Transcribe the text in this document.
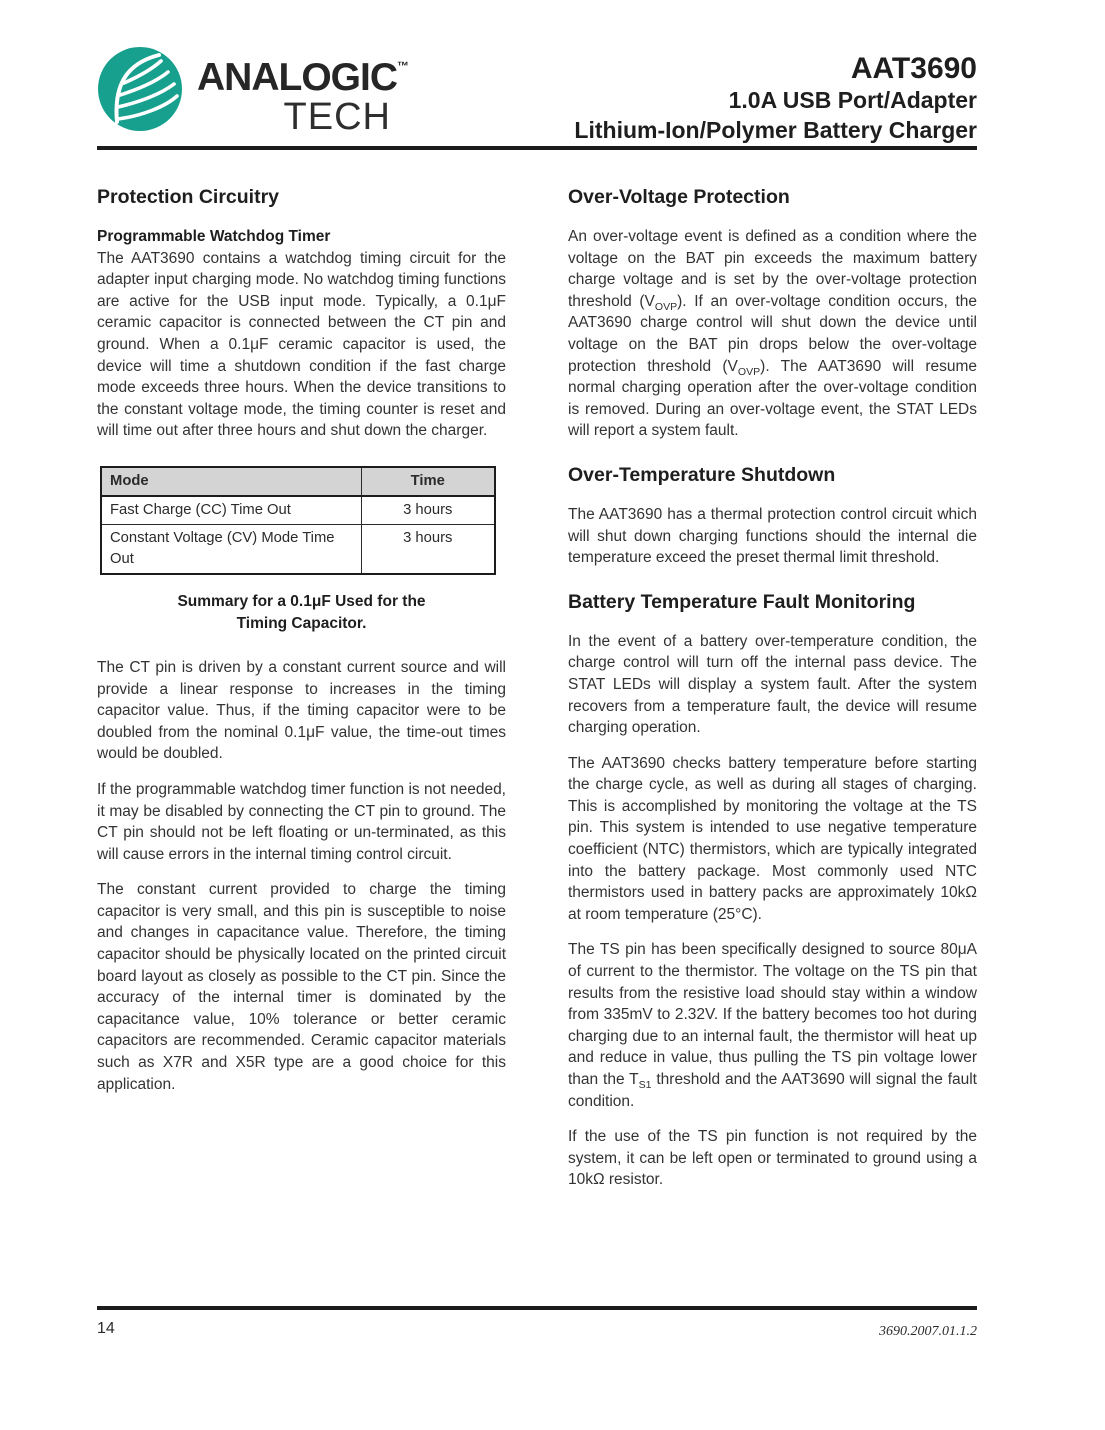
ANALOGIC™
TECH
AAT3690
1.0A USB Port/Adapter
Lithium-Ion/Polymer Battery Charger
Protection Circuitry
Programmable Watchdog Timer

The AAT3690 contains a watchdog timing circuit for the adapter input charging mode. No watchdog timing functions are active for the USB input mode. Typically, a 0.1μF ceramic capacitor is connected between the CT pin and ground. When a 0.1μF ceramic capacitor is used, the device will time a shutdown condition if the fast charge mode exceeds three hours. When the device transitions to the constant voltage mode, the timing counter is reset and will time out after three hours and shut down the charger.

Mode	Time
Fast Charge (CC) Time Out	3 hours
Constant Voltage (CV) Mode Time Out	3 hours
Summary for a 0.1μF Used for the
Timing Capacitor.

The CT pin is driven by a constant current source and will provide a linear response to increases in the timing capacitor value. Thus, if the timing capacitor were to be doubled from the nominal 0.1μF value, the time-out times would be doubled.

If the programmable watchdog timer function is not needed, it may be disabled by connecting the CT pin to ground. The CT pin should not be left floating or un-terminated, as this will cause errors in the internal timing control circuit.

The constant current provided to charge the timing capacitor is very small, and this pin is susceptible to noise and changes in capacitance value. Therefore, the timing capacitor should be physically located on the printed circuit board layout as closely as possible to the CT pin. Since the accuracy of the internal timer is dominated by the capacitance value, 10% tolerance or better ceramic capacitors are recommended. Ceramic capacitor materials such as X7R and X5R type are a good choice for this application.

Over-Voltage Protection

An over-voltage event is defined as a condition where the voltage on the BAT pin exceeds the maximum battery charge voltage and is set by the over-voltage protection threshold $(V_{OVP})$. If an over-voltage condition occurs, the AAT3690 charge control will shut down the device until voltage on the BAT pin drops below the over-voltage protection threshold $(V_{OVP})$. The AAT3690 will resume normal charging operation after the over-voltage condition is removed. During an over-voltage event, the STAT LEDs will report a system fault.

Over-Temperature Shutdown

The AAT3690 has a thermal protection control circuit which will shut down charging functions should the internal die temperature exceed the preset thermal limit threshold.

Battery Temperature Fault Monitoring

In the event of a battery over-temperature condition, the charge control will turn off the internal pass device. The STAT LEDs will display a system fault. After the system recovers from a temperature fault, the device will resume charging operation.

The AAT3690 checks battery temperature before starting the charge cycle, as well as during all stages of charging. This is accomplished by monitoring the voltage at the TS pin. This system is intended to use negative temperature coefficient (NTC) thermistors, which are typically integrated into the battery package. Most commonly used NTC thermistors used in battery packs are approximately 10kΩ at room temperature (25°C).

The TS pin has been specifically designed to source 80μA of current to the thermistor. The voltage on the TS pin that results from the resistive load should stay within a window from 335mV to 2.32V. If the battery becomes too hot during charging due to an internal fault, the thermistor will heat up and reduce in value, thus pulling the TS pin voltage lower than the $T_{S1}$ threshold and the AAT3690 will signal the fault condition.

If the use of the TS pin function is not required by the system, it can be left open or terminated to ground using a 10kΩ resistor.

14	3690.2007.01.1.2
